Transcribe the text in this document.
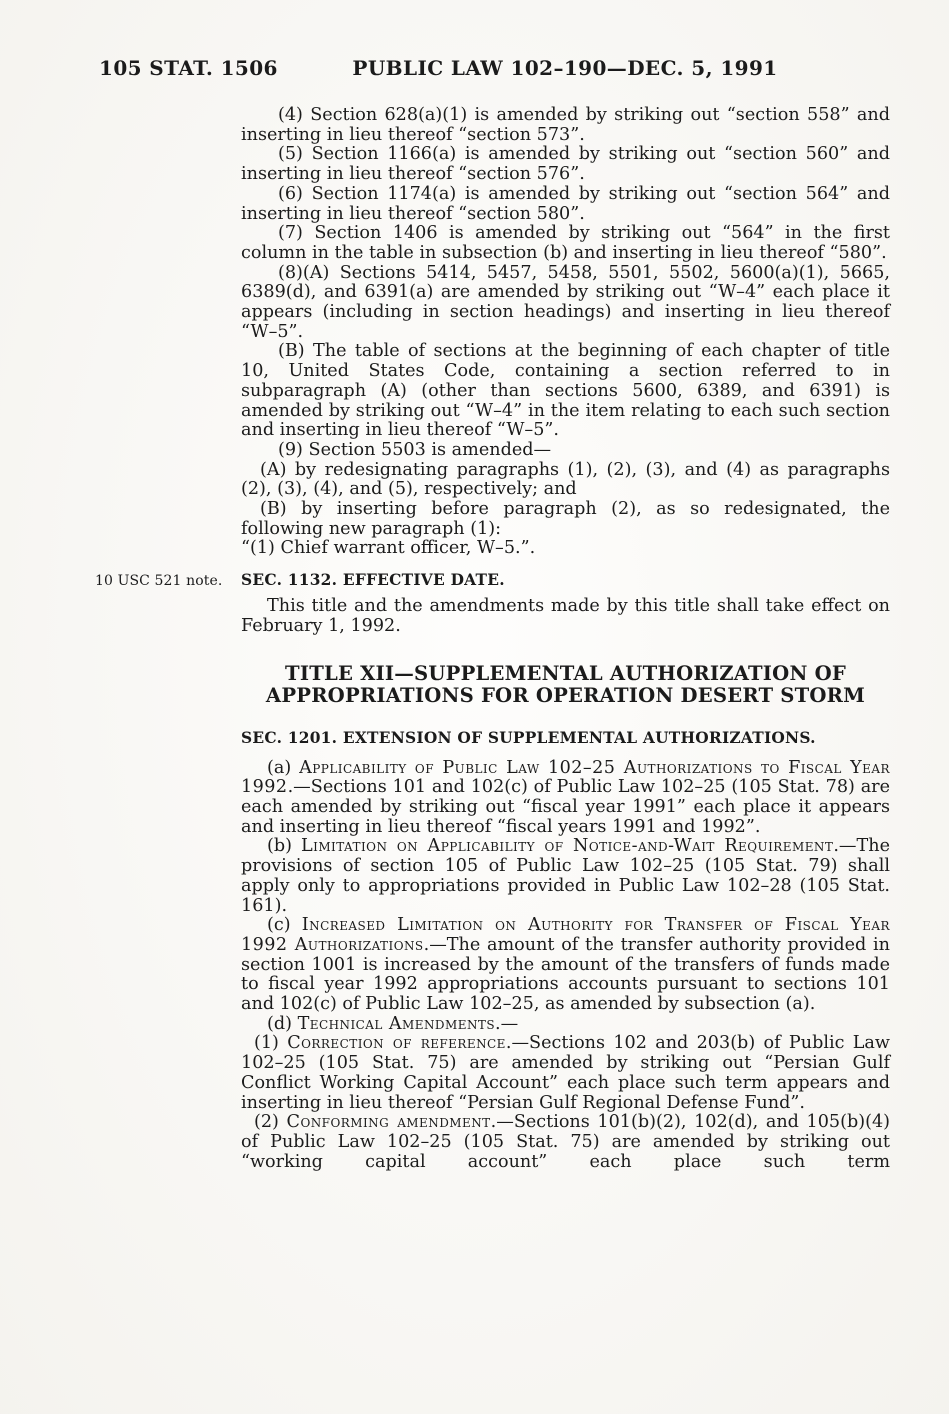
105 STAT. 1506	PUBLIC LAW 102–190—DEC. 5, 1991

(4) Section 628(a)(1) is amended by striking out “section 558” and inserting in lieu thereof “section 573”.

(5) Section 1166(a) is amended by striking out “section 560” and inserting in lieu thereof “section 576”.

(6) Section 1174(a) is amended by striking out “section 564” and inserting in lieu thereof “section 580”.

(7) Section 1406 is amended by striking out “564” in the first column in the table in subsection (b) and inserting in lieu thereof “580”.

(8)(A) Sections 5414, 5457, 5458, 5501, 5502, 5600(a)(1), 5665, 6389(d), and 6391(a) are amended by striking out “W–4” each place it appears (including in section headings) and inserting in lieu thereof “W–5”.

(B) The table of sections at the beginning of each chapter of title 10, United States Code, containing a section referred to in subparagraph (A) (other than sections 5600, 6389, and 6391) is amended by striking out “W–4” in the item relating to each such section and inserting in lieu thereof “W–5”.

(9) Section 5503 is amended—

(A) by redesignating paragraphs (1), (2), (3), and (4) as paragraphs (2), (3), (4), and (5), respectively; and

(B) by inserting before paragraph (2), as so redesignated, the following new paragraph (1):

“(1) Chief warrant officer, W–5.”.

10 USC 521 note.	SEC. 1132. EFFECTIVE DATE.

This title and the amendments made by this title shall take effect on February 1, 1992.

TITLE XII—SUPPLEMENTAL AUTHORIZATION OF
APPROPRIATIONS FOR OPERATION DESERT STORM
SEC. 1201. EXTENSION OF SUPPLEMENTAL AUTHORIZATIONS.

(a) Applicability of Public Law 102–25 Authorizations to Fiscal Year 1992.—Sections 101 and 102(c) of Public Law 102–25 (105 Stat. 78) are each amended by striking out “fiscal year 1991” each place it appears and inserting in lieu thereof “fiscal years 1991 and 1992”.

(b) Limitation on Applicability of Notice-and-Wait Requirement.—The provisions of section 105 of Public Law 102–25 (105 Stat. 79) shall apply only to appropriations provided in Public Law 102–28 (105 Stat. 161).

(c) Increased Limitation on Authority for Transfer of Fiscal Year 1992 Authorizations.—The amount of the transfer authority provided in section 1001 is increased by the amount of the transfers of funds made to fiscal year 1992 appropriations accounts pursuant to sections 101 and 102(c) of Public Law 102–25, as amended by subsection (a).

(d) Technical Amendments.—

(1) Correction of reference.—Sections 102 and 203(b) of Public Law 102–25 (105 Stat. 75) are amended by striking out “Persian Gulf Conflict Working Capital Account” each place such term appears and inserting in lieu thereof “Persian Gulf Regional Defense Fund”.

(2) Conforming amendment.—Sections 101(b)(2), 102(d), and 105(b)(4) of Public Law 102–25 (105 Stat. 75) are amended by striking out “working capital account” each place such term
